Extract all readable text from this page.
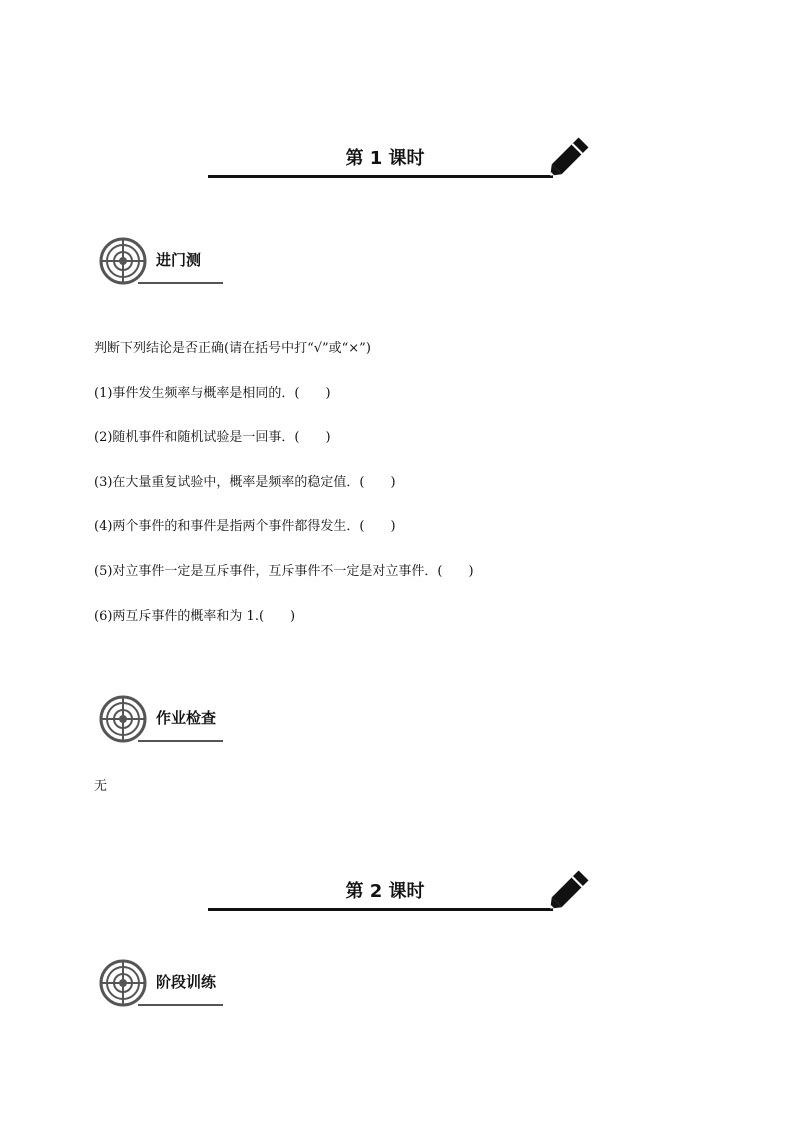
第 1 课时
进门测
判断下列结论是否正确(请在括号中打“√”或“×”)
(1)事件发生频率与概率是相同的．(　　)
(2)随机事件和随机试验是一回事．(　　)
(3)在大量重复试验中，概率是频率的稳定值．(　　)
(4)两个事件的和事件是指两个事件都得发生．(　　)
(5)对立事件一定是互斥事件，互斥事件不一定是对立事件．(　　)
(6)两互斥事件的概率和为 1.(　　)
作业检查
无
第 2 课时
阶段训练
